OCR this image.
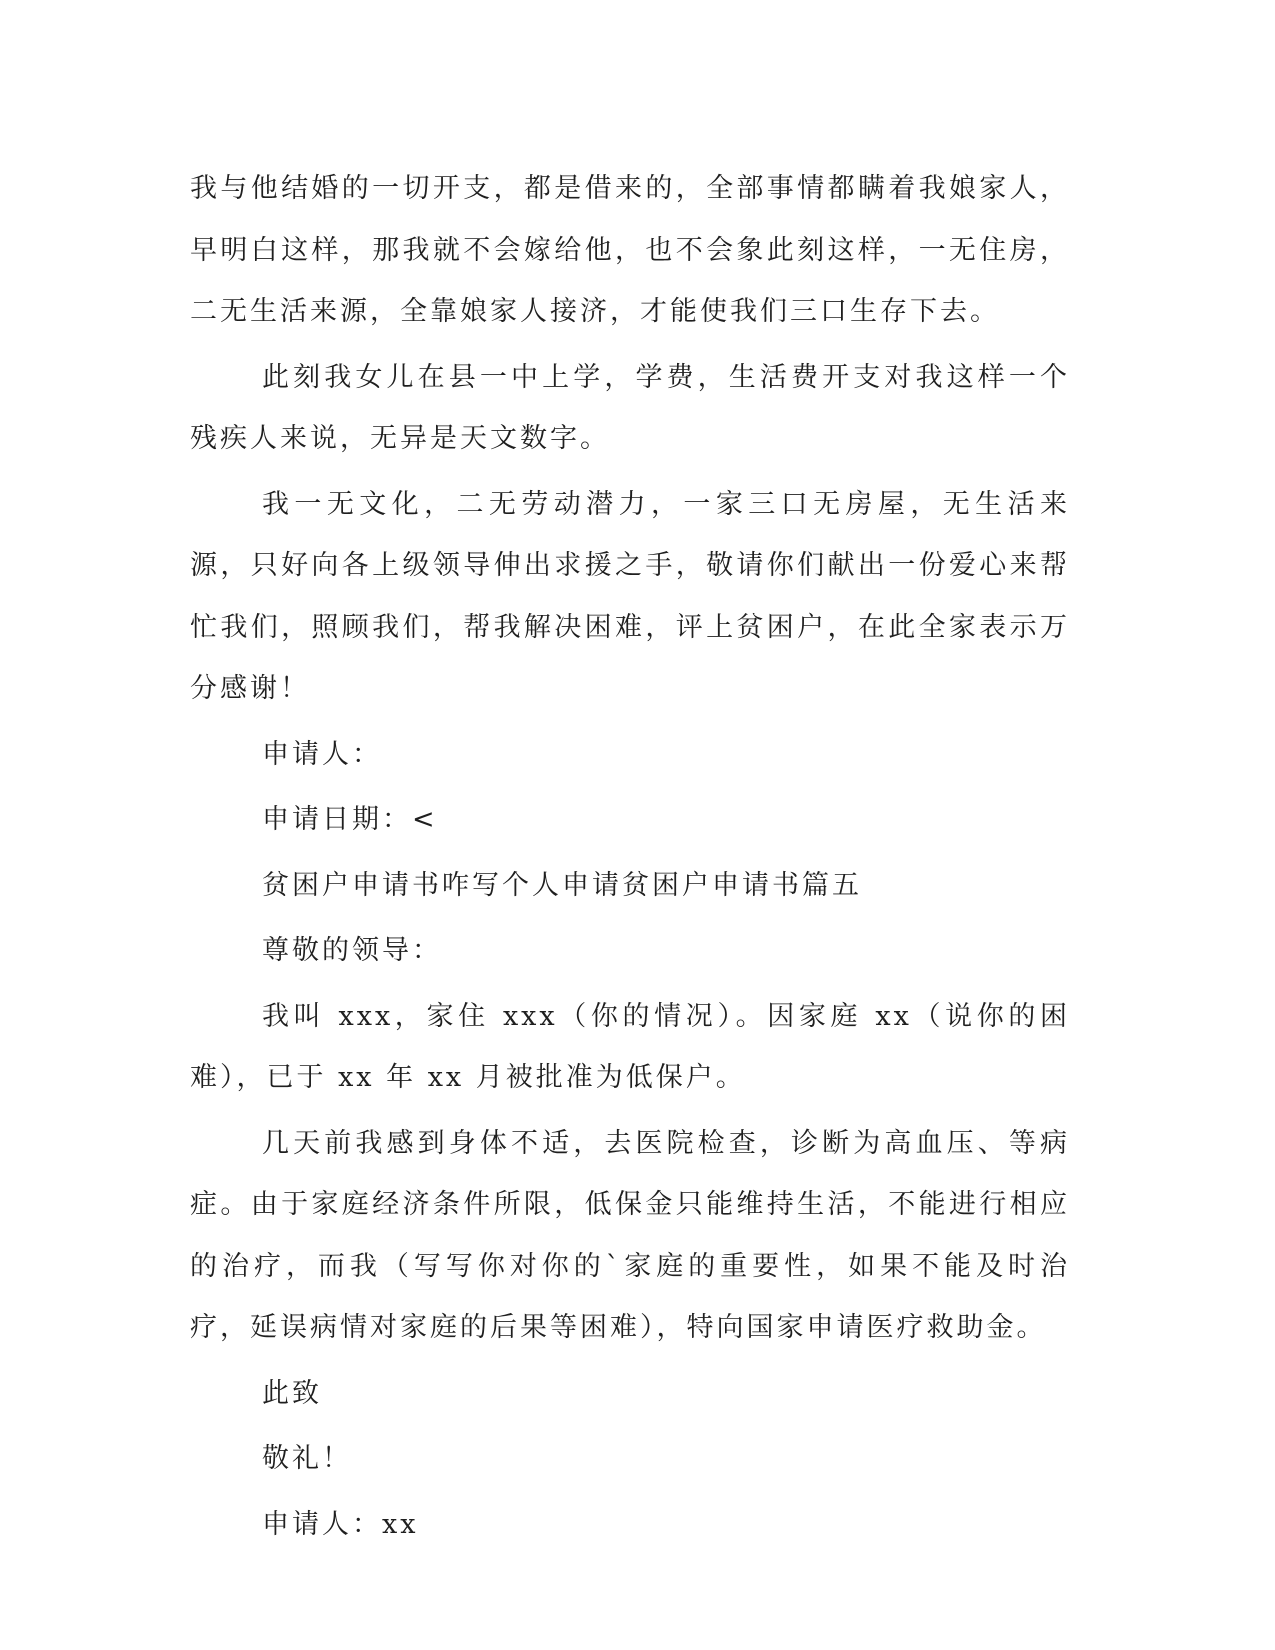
我与他结婚的一切开支，都是借来的，全部事情都瞒着我娘家人，早明白这样，那我就不会嫁给他，也不会象此刻这样，一无住房，二无生活来源，全靠娘家人接济，才能使我们三口生存下去。

此刻我女儿在县一中上学，学费，生活费开支对我这样一个残疾人来说，无异是天文数字。

我一无文化，二无劳动潜力，一家三口无房屋，无生活来源，只好向各上级领导伸出求援之手，敬请你们献出一份爱心来帮忙我们，照顾我们，帮我解决困难，评上贫困户，在此全家表示万分感谢！

申请人：

申请日期：<

贫困户申请书咋写个人申请贫困户申请书篇五

尊敬的领导：

我叫 xxx，家住 xxx（你的情况）。因家庭 xx（说你的困难），已于 xx 年 xx 月被批准为低保户。

几天前我感到身体不适，去医院检查，诊断为高血压、等病症。由于家庭经济条件所限，低保金只能维持生活，不能进行相应的治疗，而我（写写你对你的`家庭的重要性，如果不能及时治疗，延误病情对家庭的后果等困难），特向国家申请医疗救助金。

此致

敬礼！

申请人：xx
